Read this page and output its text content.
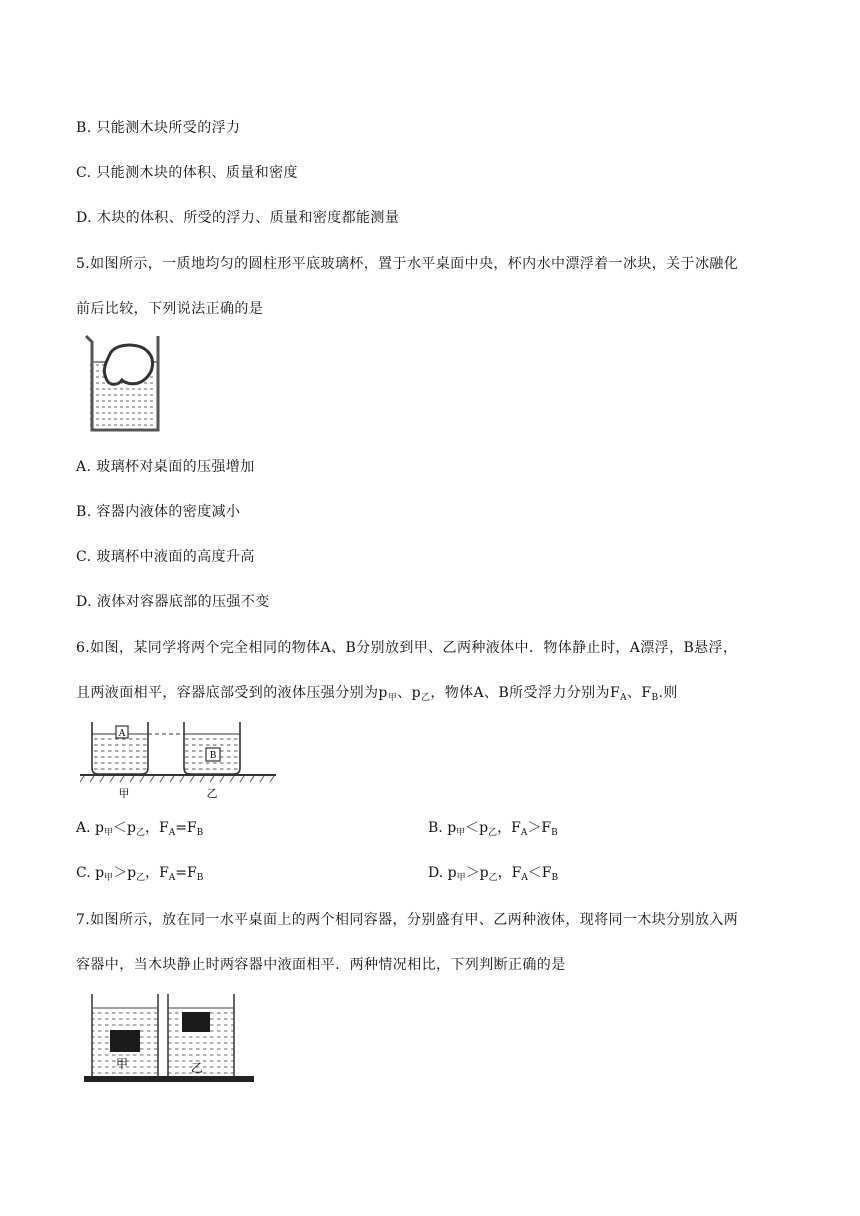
B. 只能测木块所受的浮力
C. 只能测木块的体积、质量和密度
D. 木块的体积、所受的浮力、质量和密度都能测量
5.如图所示，一质地均匀的圆柱形平底玻璃杯，置于水平桌面中央，杯内水中漂浮着一冰块，关于冰融化
前后比较，下列说法正确的是
A. 玻璃杯对桌面的压强增加
B. 容器内液体的密度减小
C. 玻璃杯中液面的高度升高
D. 液体对容器底部的压强不变
6.如图，某同学将两个完全相同的物体A、B分别放到甲、乙两种液体中．物体静止时，A漂浮，B悬浮，
且两液面相平，容器底部受到的液体压强分别为$p_甲$、$p_乙$，物体A、B所受浮力分别为$F_A$、$F_B$.则
A
B
甲	乙
A. $p_甲<p_乙$，$F_A=F_B$	B. $p_甲<p_乙$，$F_A>F_B$
C. $p_甲>p_乙$，$F_A=F_B$	D. $p_甲>p_乙$，$F_A<F_B$
7.如图所示，放在同一水平桌面上的两个相同容器，分别盛有甲、乙两种液体，现将同一木块分别放入两
容器中，当木块静止时两容器中液面相平．两种情况相比，下列判断正确的是
甲	乙
